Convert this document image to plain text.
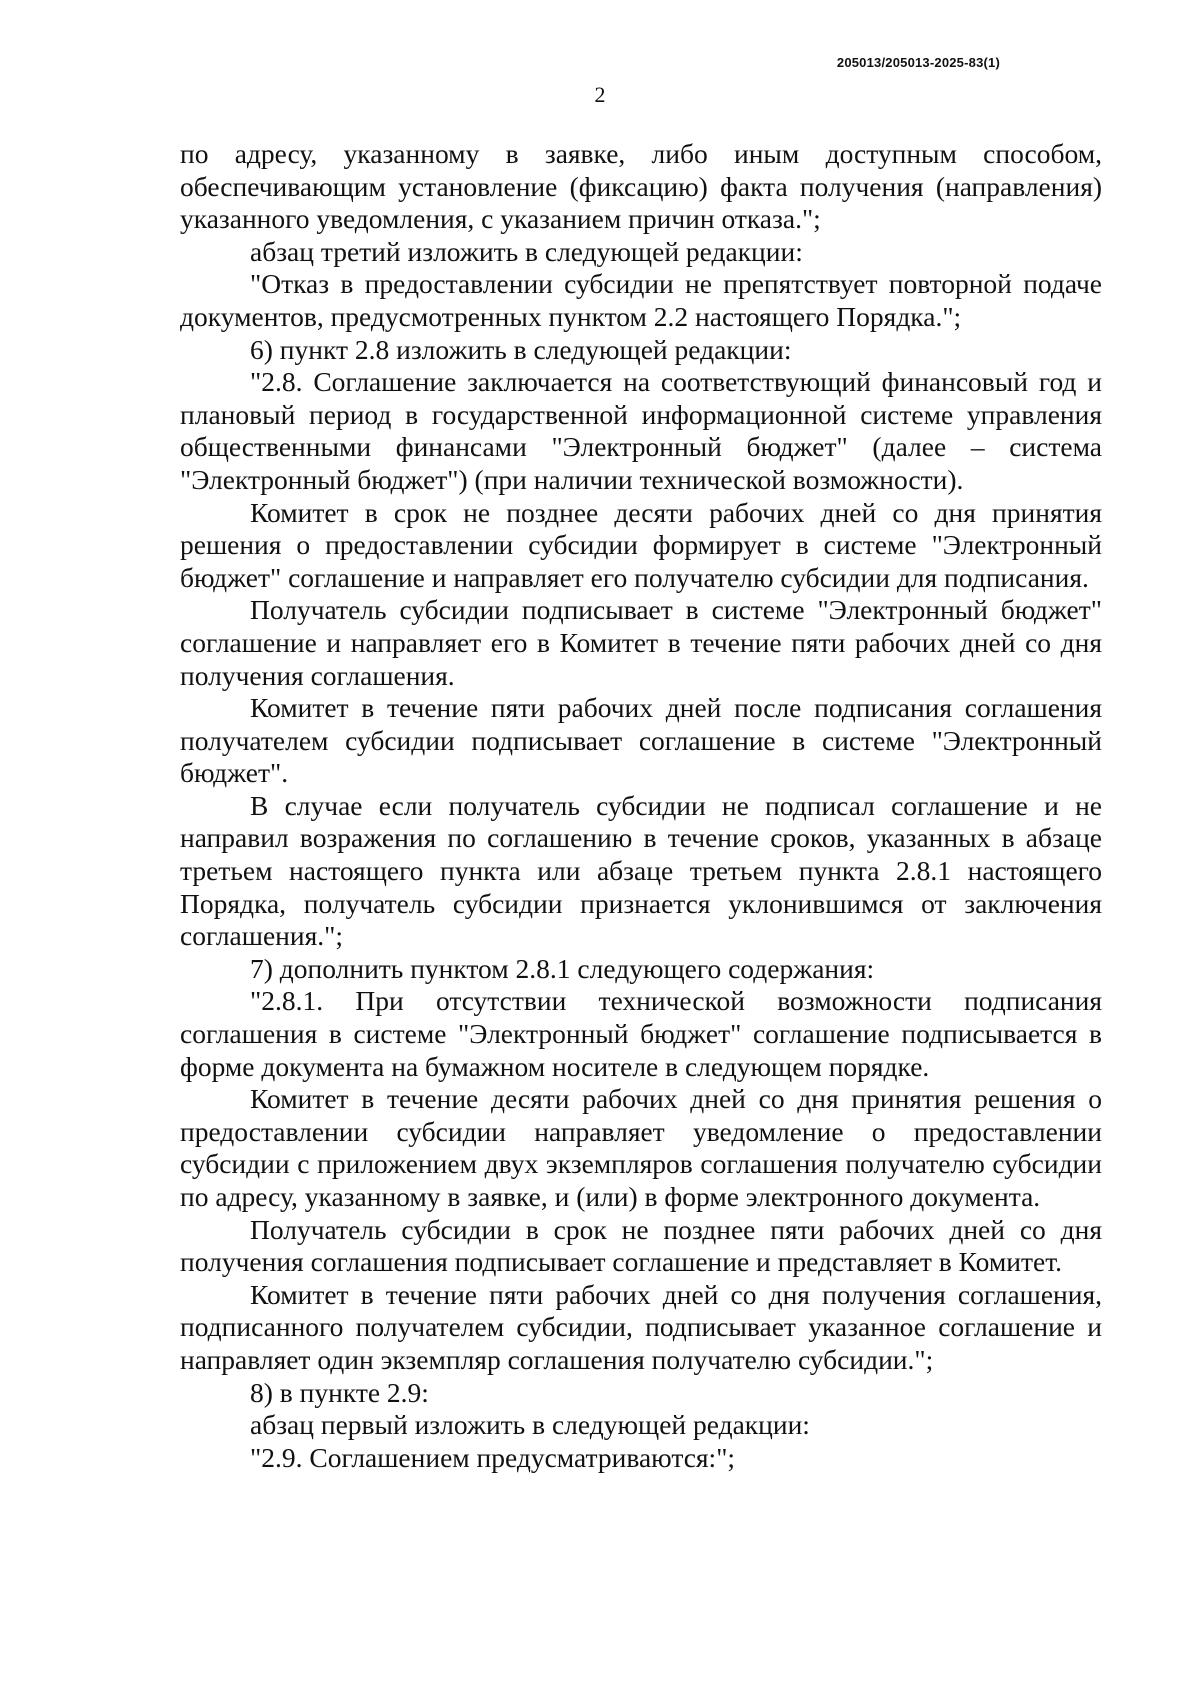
205013/205013-2025-83(1)
2

по адресу, указанному в заявке, либо иным доступным способом, обеспечивающим установление (фиксацию) факта получения (направления) указанного уведомления, с указанием причин отказа.";

абзац третий изложить в следующей редакции:

"Отказ в предоставлении субсидии не препятствует повторной подаче документов, предусмотренных пунктом 2.2 настоящего Порядка.";

6) пункт 2.8 изложить в следующей редакции:

"2.8. Соглашение заключается на соответствующий финансовый год и плановый период в государственной информационной системе управления общественными финансами "Электронный бюджет" (далее – система "Электронный бюджет") (при наличии технической возможности).

Комитет в срок не позднее десяти рабочих дней со дня принятия решения о предоставлении субсидии формирует в системе "Электронный бюджет" соглашение и направляет его получателю субсидии для подписания.

Получатель субсидии подписывает в системе "Электронный бюджет" соглашение и направляет его в Комитет в течение пяти рабочих дней со дня получения соглашения.

Комитет в течение пяти рабочих дней после подписания соглашения получателем субсидии подписывает соглашение в системе "Электронный бюджет".

В случае если получатель субсидии не подписал соглашение и не направил возражения по соглашению в течение сроков, указанных в абзаце третьем настоящего пункта или абзаце третьем пункта 2.8.1 настоящего Порядка, получатель субсидии признается уклонившимся от заключения соглашения.";

7) дополнить пунктом 2.8.1 следующего содержания:

"2.8.1. При отсутствии технической возможности подписания соглашения в системе "Электронный бюджет" соглашение подписывается в форме документа на бумажном носителе в следующем порядке.

Комитет в течение десяти рабочих дней со дня принятия решения о предоставлении субсидии направляет уведомление о предоставлении субсидии с приложением двух экземпляров соглашения получателю субсидии по адресу, указанному в заявке, и (или) в форме электронного документа.

Получатель субсидии в срок не позднее пяти рабочих дней со дня получения соглашения подписывает соглашение и представляет в Комитет.

Комитет в течение пяти рабочих дней со дня получения соглашения, подписанного получателем субсидии, подписывает указанное соглашение и направляет один экземпляр соглашения получателю субсидии.";

8) в пункте 2.9:

абзац первый изложить в следующей редакции:

"2.9. Соглашением предусматриваются:";
